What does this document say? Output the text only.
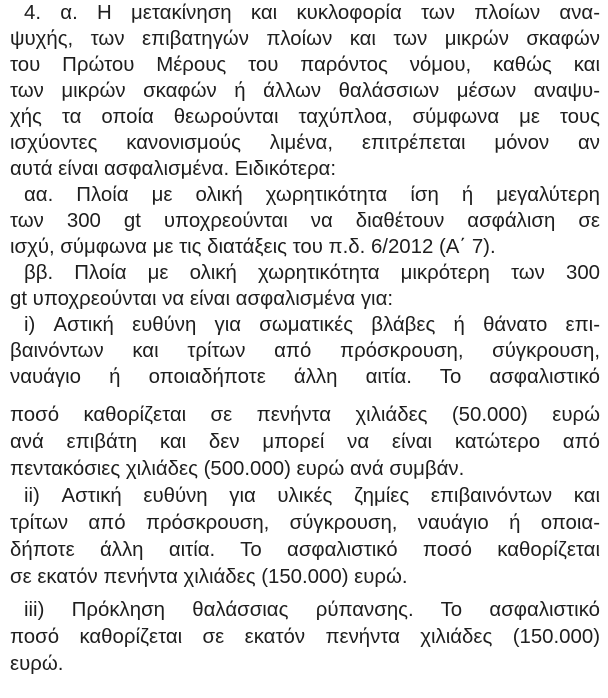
4. α. Η μετακίνηση και κυκλοφορία των πλοίων ανα-
ψυχής, των επιβατηγών πλοίων και των μικρών σκαφών
του Πρώτου Μέρους του παρόντος νόμου, καθώς και
των μικρών σκαφών ή άλλων θαλάσσιων μέσων αναψυ-
χής τα οποία θεωρούνται ταχύπλοα, σύμφωνα με τους
ισχύοντες κανονισμούς λιμένα, επιτρέπεται μόνον αν
αυτά είναι ασφαλισμένα. Ειδικότερα:
αα. Πλοία με ολική χωρητικότητα ίση ή μεγαλύτερη
των 300 gt υποχρεούνται να διαθέτουν ασφάλιση σε
ισχύ, σύμφωνα με τις διατάξεις του π.δ. 6/2012 (Α΄ 7).
ββ. Πλοία με ολική χωρητικότητα μικρότερη των 300
gt υποχρεούνται να είναι ασφαλισμένα για:
i) Αστική ευθύνη για σωματικές βλάβες ή θάνατο επι-
βαινόντων και τρίτων από πρόσκρουση, σύγκρουση,
ναυάγιο ή οποιαδήποτε άλλη αιτία. Το ασφαλιστικό
ποσό καθορίζεται σε πενήντα χιλιάδες (50.000) ευρώ
ανά επιβάτη και δεν μπορεί να είναι κατώτερο από
πεντακόσιες χιλιάδες (500.000) ευρώ ανά συμβάν.
ii) Αστική ευθύνη για υλικές ζημίες επιβαινόντων και
τρίτων από πρόσκρουση, σύγκρουση, ναυάγιο ή οποια-
δήποτε άλλη αιτία. Το ασφαλιστικό ποσό καθορίζεται
σε εκατόν πενήντα χιλιάδες (150.000) ευρώ.
iii) Πρόκληση θαλάσσιας ρύπανσης. Το ασφαλιστικό
ποσό καθορίζεται σε εκατόν πενήντα χιλιάδες (150.000)
ευρώ.
